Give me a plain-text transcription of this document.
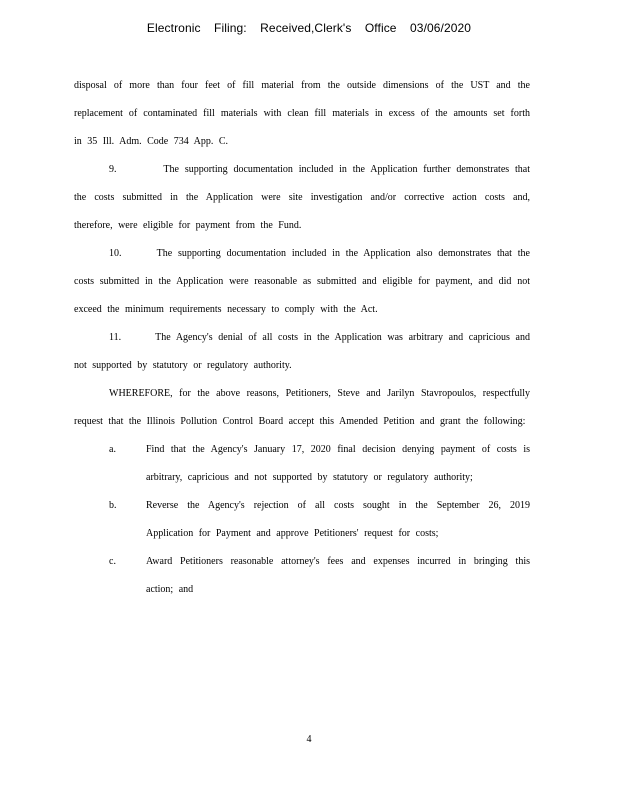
Electronic Filing: Received,Clerk's Office 03/06/2020

disposal of more than four feet of fill material from the outside dimensions of the UST and the replacement of contaminated fill materials with clean fill materials in excess of the amounts set forth in 35 Ill. Adm. Code 734 App. C.

9.	The supporting documentation included in the Application further demonstrates that the costs submitted in the Application were site investigation and/or corrective action costs and, therefore, were eligible for payment from the Fund.

10.	The supporting documentation included in the Application also demonstrates that the costs submitted in the Application were reasonable as submitted and eligible for payment, and did not exceed the minimum requirements necessary to comply with the Act.

11.	The Agency's denial of all costs in the Application was arbitrary and capricious and not supported by statutory or regulatory authority.

WHEREFORE, for the above reasons, Petitioners, Steve and Jarilyn Stavropoulos, respectfully request that the Illinois Pollution Control Board accept this Amended Petition and grant the following:

a.	Find that the Agency's January 17, 2020 final decision denying payment of costs is arbitrary, capricious and not supported by statutory or regulatory authority;

b.	Reverse the Agency's rejection of all costs sought in the September 26, 2019 Application for Payment and approve Petitioners' request for costs;

c.	Award Petitioners reasonable attorney's fees and expenses incurred in bringing this action; and

4
